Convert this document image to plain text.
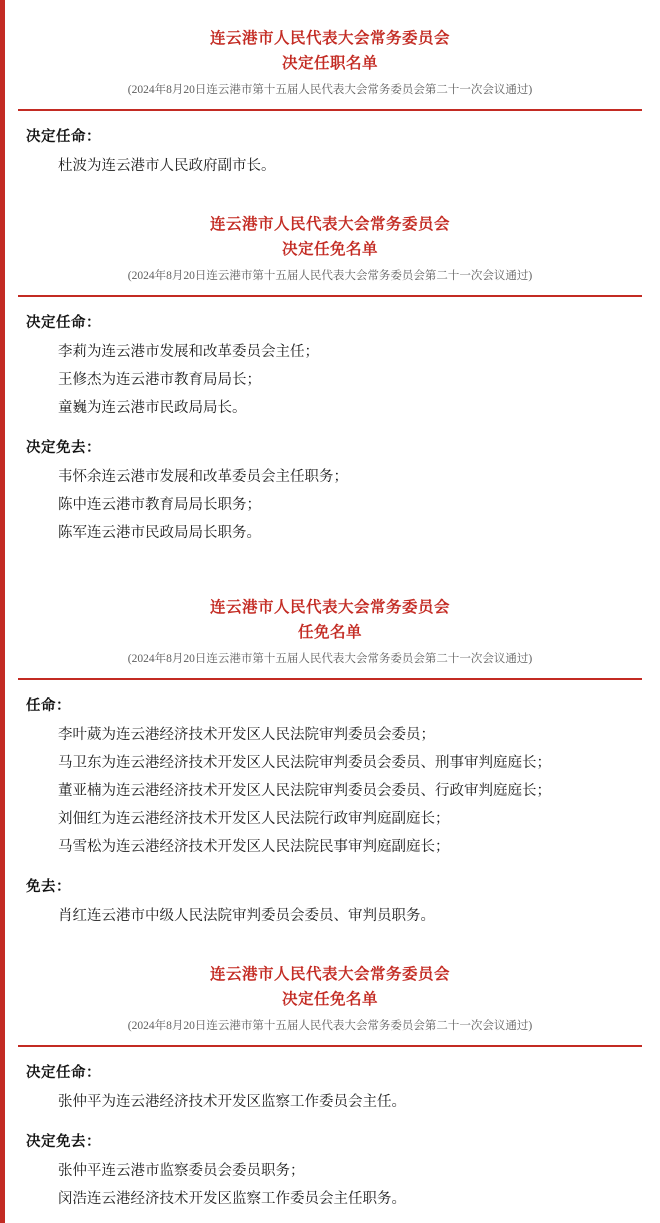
连云港市人民代表大会常务委员会
决定任职名单
(2024年8月20日连云港市第十五届人民代表大会常务委员会第二十一次会议通过)
决定任命：
杜波为连云港市人民政府副市长。
连云港市人民代表大会常务委员会
决定任免名单
(2024年8月20日连云港市第十五届人民代表大会常务委员会第二十一次会议通过)
决定任命：
李莉为连云港市发展和改革委员会主任；
王修杰为连云港市教育局局长；
童巍为连云港市民政局局长。
决定免去：
韦怀余连云港市发展和改革委员会主任职务；
陈中连云港市教育局局长职务；
陈军连云港市民政局局长职务。
连云港市人民代表大会常务委员会
任免名单
(2024年8月20日连云港市第十五届人民代表大会常务委员会第二十一次会议通过)
任命：
李叶葳为连云港经济技术开发区人民法院审判委员会委员；
马卫东为连云港经济技术开发区人民法院审判委员会委员、刑事审判庭庭长；
董亚楠为连云港经济技术开发区人民法院审判委员会委员、行政审判庭庭长；
刘佃红为连云港经济技术开发区人民法院行政审判庭副庭长；
马雪松为连云港经济技术开发区人民法院民事审判庭副庭长；
免去：
肖红连云港市中级人民法院审判委员会委员、审判员职务。
连云港市人民代表大会常务委员会
决定任免名单
(2024年8月20日连云港市第十五届人民代表大会常务委员会第二十一次会议通过)
决定任命：
张仲平为连云港经济技术开发区监察工作委员会主任。
决定免去：
张仲平连云港市监察委员会委员职务；
闵浩连云港经济技术开发区监察工作委员会主任职务。
